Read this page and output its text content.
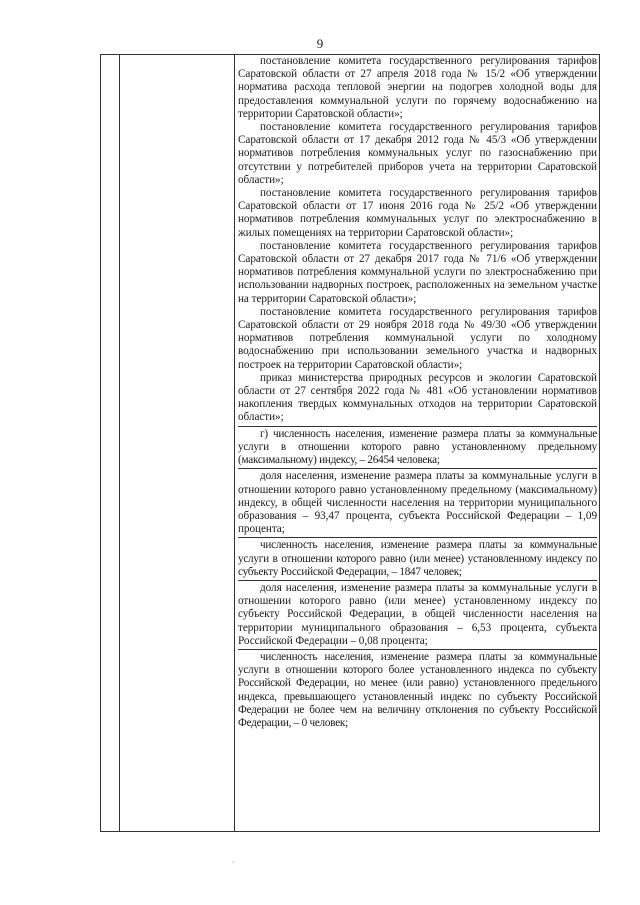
9

постановление комитета государственного регулирования тарифов Саратовской области от 27 апреля 2018 года № 15/2 «Об утверждении норматива расхода тепловой энергии на подогрев холодной воды для предоставления коммунальной услуги по горячему водоснабжению на территории Саратовской области»;

постановление комитета государственного регулирования тарифов Саратовской области от 17 декабря 2012 года № 45/3 «Об утверждении нормативов потребления коммунальных услуг по газоснабжению при отсутствии у потребителей приборов учета на территории Саратовской области»;

постановление комитета государственного регулирования тарифов Саратовской области от 17 июня 2016 года № 25/2 «Об утверждении нормативов потребления коммунальных услуг по электроснабжению в жилых помещениях на территории Саратовской области»;

постановление комитета государственного регулирования тарифов Саратовской области от 27 декабря 2017 года № 71/6 «Об утверждении нормативов потребления коммунальной услуги по электроснабжению при использовании надворных построек, расположенных на земельном участке на территории Саратовской области»;

постановление комитета государственного регулирования тарифов Саратовской области от 29 ноября 2018 года № 49/30 «Об утверждении нормативов потребления коммунальной услуги по холодному водоснабжению при использовании земельного участка и надворных построек на территории Саратовской области»;

приказ министерства природных ресурсов и экологии Саратовской области от 27 сентября 2022 года № 481 «Об установлении нормативов накопления твердых коммунальных отходов на территории Саратовской области»;

г) численность населения, изменение размера платы за коммунальные услуги в отношении которого равно установленному предельному (максимальному) индексу, – 26454 человека;

доля населения, изменение размера платы за коммунальные услуги в отношении которого равно установленному предельному (максимальному) индексу, в общей численности населения на территории муниципального образования – 93,47 процента, субъекта Российской Федерации – 1,09 процента;

численность населения, изменение размера платы за коммунальные услуги в отношении которого равно (или менее) установленному индексу по субъекту Российской Федерации, – 1847 человек;

доля населения, изменение размера платы за коммунальные услуги в отношении которого равно (или менее) установленному индексу по субъекту Российской Федерации, в общей численности населения на территории муниципального образования – 6,53 процента, субъекта Российской Федерации – 0,08 процента;

численность населения, изменение размера платы за коммунальные услуги в отношении которого более установленного индекса по субъекту Российской Федерации, но менее (или равно) установленного предельного индекса, превышающего установленный индекс по субъекту Российской Федерации не более чем на величину отклонения по субъекту Российской Федерации, – 0 человек;

·
